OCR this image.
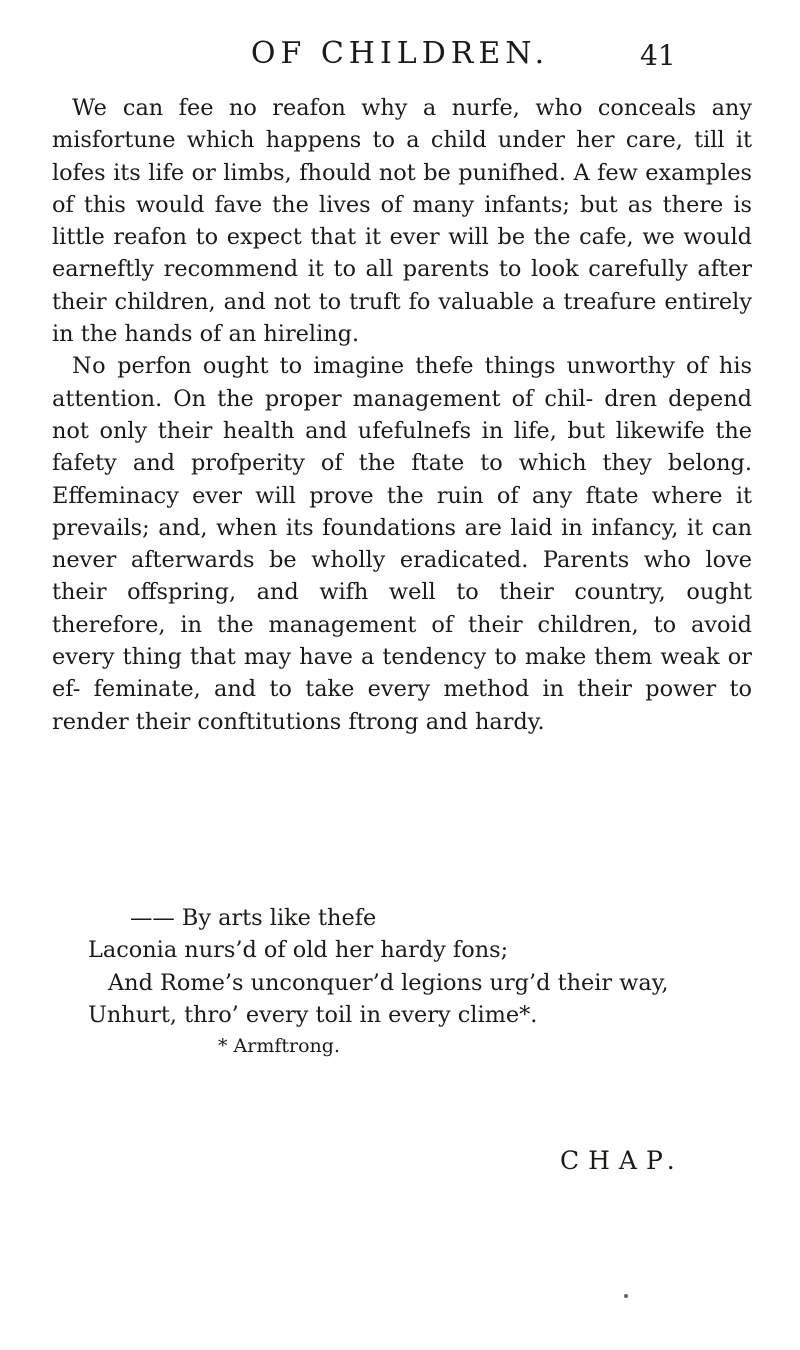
OF CHILDREN.	41

We can fee no reafon why a nurfe, who conceals any misfortune which happens to a child under her care, till it lofes its life or limbs, fhould not be punifhed. A few examples of this would fave the lives of many infants; but as there is little reafon to expect that it ever will be the cafe, we would earneftly recommend it to all parents to look carefully after their children, and not to truft fo valuable a treafure entirely in the hands of an hireling.

No perfon ought to imagine thefe things unworthy of his attention. On the proper management of chil- dren depend not only their health and ufefulnefs in life, but likewife the fafety and profperity of the ftate to which they belong. Effeminacy ever will prove the ruin of any ftate where it prevails; and, when its foundations are laid in infancy, it can never afterwards be wholly eradicated. Parents who love their offspring, and wifh well to their country, ought therefore, in the management of their children, to avoid every thing that may have a tendency to make them weak or ef- feminate, and to take every method in their power to render their conftitutions ftrong and hardy.

—— By arts like thefe
Laconia nurs’d of old her hardy fons;
And Rome’s unconquer’d legions urg’d their way,
Unhurt, thro’ every toil in every clime*.
* Armftrong.
CHAP.
